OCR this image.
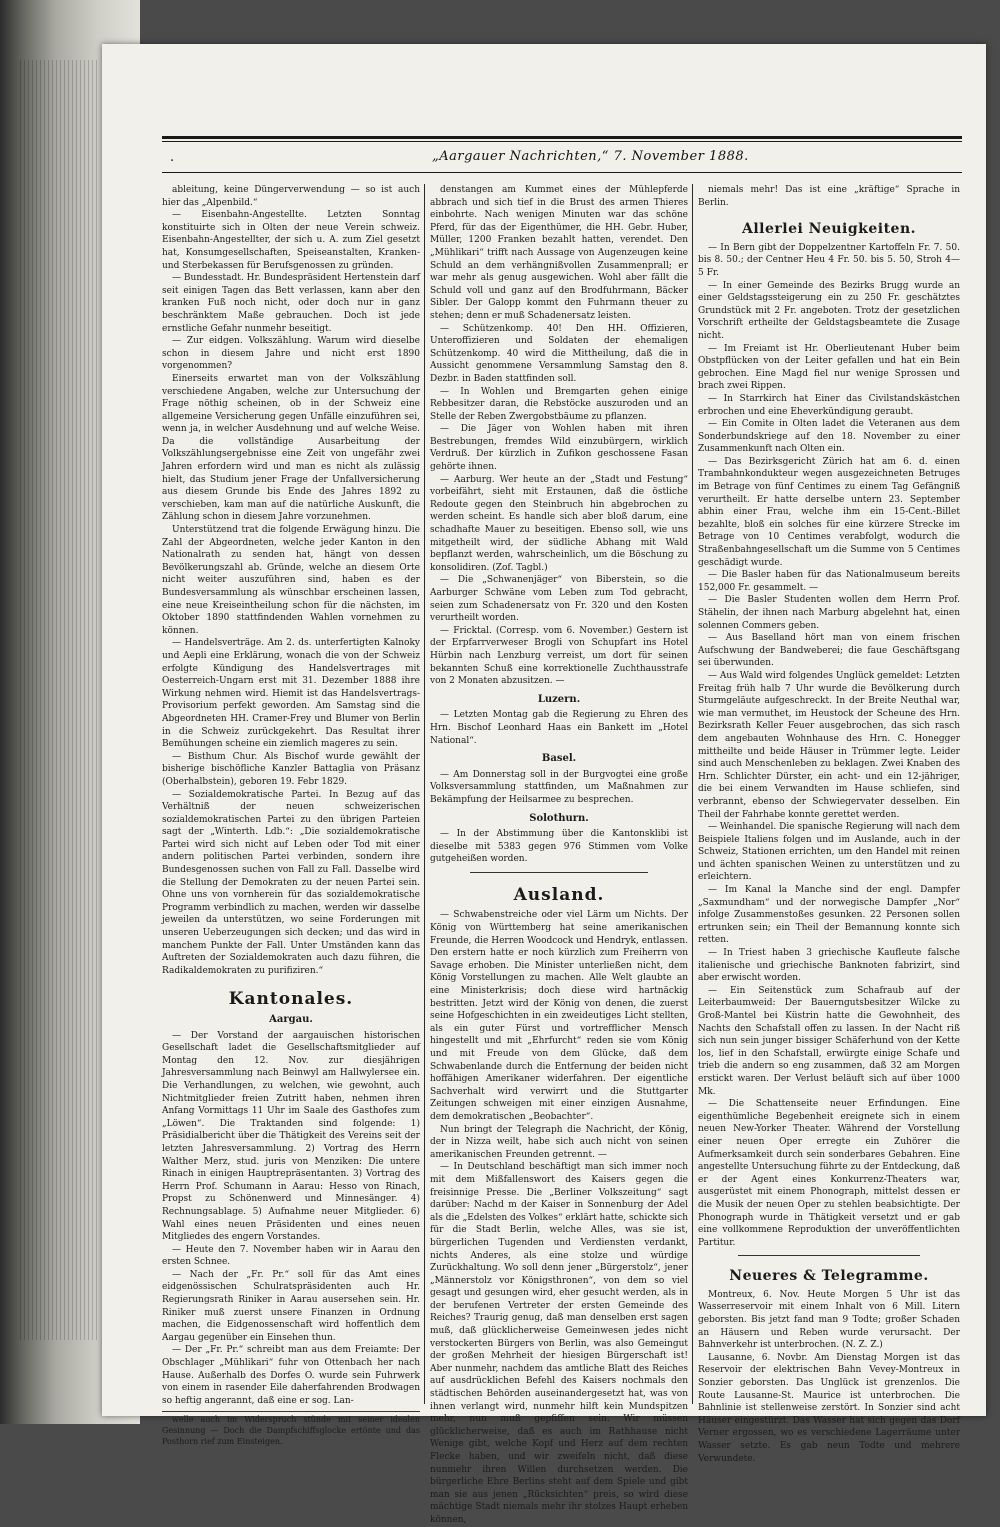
.	„Aargauer Nachrichten,“ 7. November 1888.

ableitung, keine Düngerverwendung — so ist auch hier das „Alpenbild.“

— Eisenbahn-Angestellte. Letzten Sonntag konstituirte sich in Olten der neue Verein schweiz. Eisenbahn-Angestellter, der sich u. A. zum Ziel gesetzt hat, Konsumgesellschaften, Speiseanstalten, Kranken- und Sterbekassen für Berufsgenossen zu gründen.

— Bundesstadt. Hr. Bundespräsident Hertenstein darf seit einigen Tagen das Bett verlassen, kann aber den kranken Fuß noch nicht, oder doch nur in ganz beschränktem Maße gebrauchen. Doch ist jede ernstliche Gefahr nunmehr beseitigt.

— Zur eidgen. Volkszählung. Warum wird dieselbe schon in diesem Jahre und nicht erst 1890 vorgenommen?

Einerseits erwartet man von der Volkszählung verschiedene Angaben, welche zur Untersuchung der Frage nöthig scheinen, ob in der Schweiz eine allgemeine Versicherung gegen Unfälle einzuführen sei, wenn ja, in welcher Ausdehnung und auf welche Weise. Da die vollständige Ausarbeitung der Volkszählungsergebnisse eine Zeit von ungefähr zwei Jahren erfordern wird und man es nicht als zulässig hielt, das Studium jener Frage der Unfallversicherung aus diesem Grunde bis Ende des Jahres 1892 zu verschieben, kam man auf die natürliche Auskunft, die Zählung schon in diesem Jahre vorzunehmen.

Unterstützend trat die folgende Erwägung hinzu. Die Zahl der Abgeordneten, welche jeder Kanton in den Nationalrath zu senden hat, hängt von dessen Bevölkerungszahl ab. Gründe, welche an diesem Orte nicht weiter auszuführen sind, haben es der Bundesversammlung als wünschbar erscheinen lassen, eine neue Kreiseintheilung schon für die nächsten, im Oktober 1890 stattfindenden Wahlen vornehmen zu können.

— Handelsverträge. Am 2. ds. unterfertigten Kalnoky und Aepli eine Erklärung, wonach die von der Schweiz erfolgte Kündigung des Handelsvertrages mit Oesterreich-Ungarn erst mit 31. Dezember 1888 ihre Wirkung nehmen wird. Hiemit ist das Handelsvertrags-Provisorium perfekt geworden. Am Samstag sind die Abgeordneten HH. Cramer-Frey und Blumer von Berlin in die Schweiz zurückgekehrt. Das Resultat ihrer Bemühungen scheine ein ziemlich mageres zu sein.

— Bisthum Chur. Als Bischof wurde gewählt der bisherige bischöfliche Kanzler Battaglia von Präsanz (Oberhalbstein), geboren 19. Febr 1829.

— Sozialdemokratische Partei. In Bezug auf das Verhältniß der neuen schweizerischen sozialdemokratischen Partei zu den übrigen Parteien sagt der „Winterth. Ldb.“: „Die sozialdemokratische Partei wird sich nicht auf Leben oder Tod mit einer andern politischen Partei verbinden, sondern ihre Bundesgenossen suchen von Fall zu Fall. Dasselbe wird die Stellung der Demokraten zu der neuen Partei sein. Ohne uns von vornherein für das sozialdemokratische Programm verbindlich zu machen, werden wir dasselbe jeweilen da unterstützen, wo seine Forderungen mit unseren Ueberzeugungen sich decken; und das wird in manchem Punkte der Fall. Unter Umständen kann das Auftreten der Sozialdemokraten auch dazu führen, die Radikaldemokraten zu purifiziren.“

Kantonales.
Aargau.

— Der Vorstand der aargauischen historischen Gesellschaft ladet die Gesellschaftsmitglieder auf Montag den 12. Nov. zur diesjährigen Jahresversammlung nach Beinwyl am Hallwylersee ein. Die Verhandlungen, zu welchen, wie gewohnt, auch Nichtmitglieder freien Zutritt haben, nehmen ihren Anfang Vormittags 11 Uhr im Saale des Gasthofes zum „Löwen“. Die Traktanden sind folgende: 1) Präsidialbericht über die Thätigkeit des Vereins seit der letzten Jahresversammlung. 2) Vortrag des Herrn Walther Merz, stud. juris von Menziken: Die untere Rinach in einigen Hauptrepräsentanten. 3) Vortrag des Herrn Prof. Schumann in Aarau: Hesso von Rinach, Propst zu Schönenwerd und Minnesänger. 4) Rechnungsablage. 5) Aufnahme neuer Mitglieder. 6) Wahl eines neuen Präsidenten und eines neuen Mitgliedes des engern Vorstandes.

— Heute den 7. November haben wir in Aarau den ersten Schnee.

— Nach der „Fr. Pr.“ soll für das Amt eines eidgenössischen Schulratspräsidenten auch Hr. Regierungsrath Riniker in Aarau ausersehen sein. Hr. Riniker muß zuerst unsere Finanzen in Ordnung machen, die Eidgenossenschaft wird hoffentlich dem Aargau gegenüber ein Einsehen thun.

— Der „Fr. Pr.“ schreibt man aus dem Freiamte: Der Obschlager „Mühlikari“ fuhr von Ottenbach her nach Hause. Außerhalb des Dorfes O. wurde sein Fuhrwerk von einem in rasender Eile daherfahrenden Brodwagen so heftig angerannt, daß eine er sog. Lan-

welle auch im Widerspruch stünde mit seiner idealen Gesinnung — Doch die Dampfschiffsglocke ertönte und das Posthorn rief zum Einsteigen.

denstangen am Kummet eines der Mühlepferde abbrach und sich tief in die Brust des armen Thieres einbohrte. Nach wenigen Minuten war das schöne Pferd, für das der Eigenthümer, die HH. Gebr. Huber, Müller, 1200 Franken bezahlt hatten, verendet. Den „Mühlikari“ trifft nach Aussage von Augenzeugen keine Schuld an dem verhängnißvollen Zusammenprall; er war mehr als genug ausgewichen. Wohl aber fällt die Schuld voll und ganz auf den Brodfuhrmann, Bäcker Sibler. Der Galopp kommt den Fuhrmann theuer zu stehen; denn er muß Schadenersatz leisten.

— Schützenkomp. 40! Den HH. Offizieren, Unteroffizieren und Soldaten der ehemaligen Schützenkomp. 40 wird die Mittheilung, daß die in Aussicht genommene Versammlung Samstag den 8. Dezbr. in Baden stattfinden soll.

— In Wohlen und Bremgarten gehen einige Rebbesitzer daran, die Rebstöcke auszuroden und an Stelle der Reben Zwergobstbäume zu pflanzen.

— Die Jäger von Wohlen haben mit ihren Bestrebungen, fremdes Wild einzubürgern, wirklich Verdruß. Der kürzlich in Zufikon geschossene Fasan gehörte ihnen.

— Aarburg. Wer heute an der „Stadt und Festung“ vorbeifährt, sieht mit Erstaunen, daß die östliche Redoute gegen den Steinbruch hin abgebrochen zu werden scheint. Es handle sich aber bloß darum, eine schadhafte Mauer zu beseitigen. Ebenso soll, wie uns mitgetheilt wird, der südliche Abhang mit Wald bepflanzt werden, wahrscheinlich, um die Böschung zu konsolidiren. (Zof. Tagbl.)

— Die „Schwanenjäger“ von Biberstein, so die Aarburger Schwäne vom Leben zum Tod gebracht, seien zum Schadenersatz von Fr. 320 und den Kosten verurtheilt worden.

— Fricktal. (Corresp. vom 6. November.) Gestern ist der Erpfarrverweser Brogli von Schupfart ins Hotel Hürbin nach Lenzburg verreist, um dort für seinen bekannten Schuß eine korrektionelle Zuchthausstrafe von 2 Monaten abzusitzen. —

Luzern.

— Letzten Montag gab die Regierung zu Ehren des Hrn. Bischof Leonhard Haas ein Bankett im „Hotel National“.

Basel.

— Am Donnerstag soll in der Burgvogtei eine große Volksversammlung stattfinden, um Maßnahmen zur Bekämpfung der Heilsarmee zu besprechen.

Solothurn.

— In der Abstimmung über die Kantonsklibi ist dieselbe mit 5383 gegen 976 Stimmen vom Volke gutgeheißen worden.

Ausland.

— Schwabenstreiche oder viel Lärm um Nichts. Der König von Württemberg hat seine amerikanischen Freunde, die Herren Woodcock und Hendryk, entlassen. Den erstern hatte er noch kürzlich zum Freiherrn von Savage erhoben. Die Minister unterließen nicht, dem König Vorstellungen zu machen. Alle Welt glaubte an eine Ministerkrisis; doch diese wird hartnäckig bestritten. Jetzt wird der König von denen, die zuerst seine Hofgeschichten in ein zweideutiges Licht stellten, als ein guter Fürst und vortrefflicher Mensch hingestellt und mit „Ehrfurcht“ reden sie vom König und mit Freude von dem Glücke, daß dem Schwabenlande durch die Entfernung der beiden nicht hoffähigen Amerikaner widerfahren. Der eigentliche Sachverhalt wird verwirrt und die Stuttgarter Zeitungen schweigen mit einer einzigen Ausnahme, dem demokratischen „Beobachter“.

Nun bringt der Telegraph die Nachricht, der König, der in Nizza weilt, habe sich auch nicht von seinen amerikanischen Freunden getrennt. —

— In Deutschland beschäftigt man sich immer noch mit dem Mißfallenswort des Kaisers gegen die freisinnige Presse. Die „Berliner Volkszeitung“ sagt darüber: Nachd m der Kaiser in Sonnenburg der Adel als die „Edelsten des Volkes“ erklärt hatte, schickte sich für die Stadt Berlin, welche Alles, was sie ist, bürgerlichen Tugenden und Verdiensten verdankt, nichts Anderes, als eine stolze und würdige Zurückhaltung. Wo soll denn jener „Bürgerstolz“, jener „Männerstolz vor Königsthronen“, von dem so viel gesagt und gesungen wird, eher gesucht werden, als in der berufenen Vertreter der ersten Gemeinde des Reiches? Traurig genug, daß man denselben erst sagen muß, daß glücklicherweise Gemeinwesen jedes nicht verstockerten Bürgers von Berlin, was also Gemeingut der großen Mehrheit der hiesigen Bürgerschaft ist! Aber nunmehr, nachdem das amtliche Blatt des Reiches auf ausdrücklichen Befehl des Kaisers nochmals den städtischen Behörden auseinandergesetzt hat, was von ihnen verlangt wird, nunmehr hilft kein Mundspitzen mehr, nun muß gepfiffen sein. Wir müssen glücklicherweise, daß es auch im Rathhause nicht Wenige gibt, welche Kopf und Herz auf dem rechten Flecke haben, und wir zweifeln nicht, daß diese nunmehr ihren Willen durchsetzen werden. Die bürgerliche Ehre Berlins steht auf dem Spiele und gibt man sie aus jenen „Rücksichten“ preis, so wird diese mächtige Stadt niemals mehr ihr stolzes Haupt erheben können,

niemals mehr! Das ist eine „kräftige“ Sprache in Berlin.

Allerlei Neuigkeiten.

— In Bern gibt der Doppelzentner Kartoffeln Fr. 7. 50. bis 8. 50.; der Centner Heu 4 Fr. 50. bis 5. 50, Stroh 4—5 Fr.

— In einer Gemeinde des Bezirks Brugg wurde an einer Geldstagssteigerung ein zu 250 Fr. geschätztes Grundstück mit 2 Fr. angeboten. Trotz der gesetzlichen Vorschrift ertheilte der Geldstagsbeamtete die Zusage nicht.

— Im Freiamt ist Hr. Oberlieutenant Huber beim Obstpflücken von der Leiter gefallen und hat ein Bein gebrochen. Eine Magd fiel nur wenige Sprossen und brach zwei Rippen.

— In Starrkirch hat Einer das Civilstandskästchen erbrochen und eine Eheverkündigung geraubt.

— Ein Comite in Olten ladet die Veteranen aus dem Sonderbundskriege auf den 18. November zu einer Zusammenkunft nach Olten ein.

— Das Bezirksgericht Zürich hat am 6. d. einen Trambahnkondukteur wegen ausgezeichneten Betruges im Betrage von fünf Centimes zu einem Tag Gefängniß verurtheilt. Er hatte derselbe untern 23. September abhin einer Frau, welche ihm ein 15-Cent.-Billet bezahlte, bloß ein solches für eine kürzere Strecke im Betrage von 10 Centimes verabfolgt, wodurch die Straßenbahngesellschaft um die Summe von 5 Centimes geschädigt wurde.

— Die Basler haben für das Nationalmuseum bereits 152,000 Fr. gesammelt. —

— Die Basler Studenten wollen dem Herrn Prof. Stähelin, der ihnen nach Marburg abgelehnt hat, einen solennen Commers geben.

— Aus Baselland hört man von einem frischen Aufschwung der Bandweberei; die faue Geschäftsgang sei überwunden.

— Aus Wald wird folgendes Unglück gemeldet: Letzten Freitag früh halb 7 Uhr wurde die Bevölkerung durch Sturmgeläute aufgeschreckt. In der Breite Neuthal war, wie man vermuthet, im Heustock der Scheune des Hrn. Bezirksrath Keller Feuer ausgebrochen, das sich rasch dem angebauten Wohnhause des Hrn. C. Honegger mittheilte und beide Häuser in Trümmer legte. Leider sind auch Menschenleben zu beklagen. Zwei Knaben des Hrn. Schlichter Dürster, ein acht- und ein 12-jähriger, die bei einem Verwandten im Hause schliefen, sind verbrannt, ebenso der Schwiegervater desselben. Ein Theil der Fahrhabe konnte gerettet werden.

— Weinhandel. Die spanische Regierung will nach dem Beispiele Italiens folgen und im Auslande, auch in der Schweiz, Stationen errichten, um den Handel mit reinen und ächten spanischen Weinen zu unterstützen und zu erleichtern.

— Im Kanal la Manche sind der engl. Dampfer „Saxmundham“ und der norwegische Dampfer „Nor“ infolge Zusammenstoßes gesunken. 22 Personen sollen ertrunken sein; ein Theil der Bemannung konnte sich retten.

— In Triest haben 3 griechische Kaufleute falsche italienische und griechische Banknoten fabrizirt, sind aber erwischt worden.

— Ein Seitenstück zum Schafraub auf der Leiterbaumweid: Der Bauerngutsbesitzer Wilcke zu Groß-Mantel bei Küstrin hatte die Gewohnheit, des Nachts den Schafstall offen zu lassen. In der Nacht riß sich nun sein junger bissiger Schäferhund von der Kette los, lief in den Schafstall, erwürgte einige Schafe und trieb die andern so eng zusammen, daß 32 am Morgen erstickt waren. Der Verlust beläuft sich auf über 1000 Mk.

— Die Schattenseite neuer Erfindungen. Eine eigenthümliche Begebenheit ereignete sich in einem neuen New-Yorker Theater. Während der Vorstellung einer neuen Oper erregte ein Zuhörer die Aufmerksamkeit durch sein sonderbares Gebahren. Eine angestellte Untersuchung führte zu der Entdeckung, daß er der Agent eines Konkurrenz-Theaters war, ausgerüstet mit einem Phonograph, mittelst dessen er die Musik der neuen Oper zu stehlen beabsichtigte. Der Phonograph wurde in Thätigkeit versetzt und er gab eine vollkommene Reproduktion der unveröffentlichten Partitur.

Neueres & Telegramme.

Montreux, 6. Nov. Heute Morgen 5 Uhr ist das Wasserreservoir mit einem Inhalt von 6 Mill. Litern geborsten. Bis jetzt fand man 9 Todte; großer Schaden an Häusern und Reben wurde verursacht. Der Bahnverkehr ist unterbrochen. (N. Z. Z.)

Lausanne, 6. Novbr. Am Dienstag Morgen ist das Reservoir der elektrischen Bahn Vevey-Montreux in Sonzier geborsten. Das Unglück ist grenzenlos. Die Route Lausanne-St. Maurice ist unterbrochen. Die Bahnlinie ist stellenweise zerstört. In Sonzier sind acht Häuser eingestürzt. Das Wasser hat sich gegen das Dorf Verner ergossen, wo es verschiedene Lagerräume unter Wasser setzte. Es gab neun Todte und mehrere Verwundete.
